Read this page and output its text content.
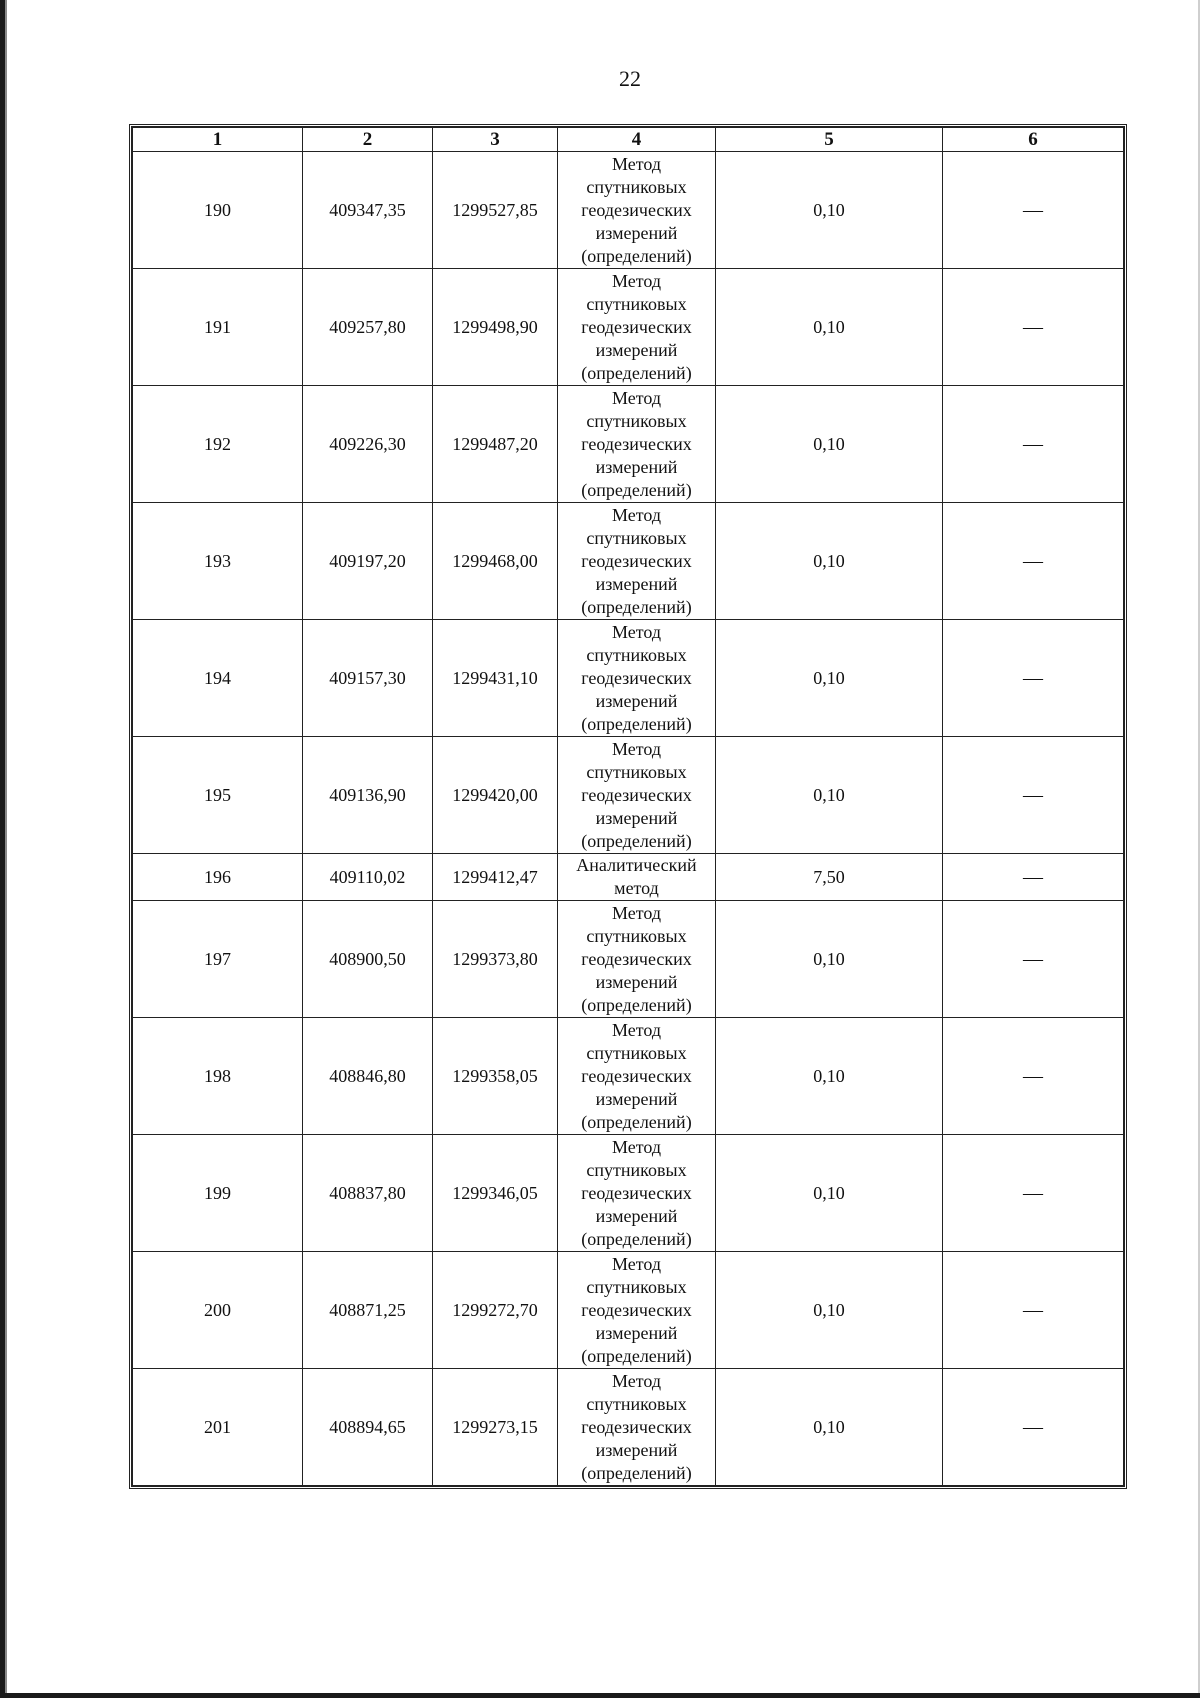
22
1	2	3	4	5	6
190	409347,35	1299527,85	Метод
спутниковых
геодезических
измерений
(определений)	0,10	—
191	409257,80	1299498,90	Метод
спутниковых
геодезических
измерений
(определений)	0,10	—
192	409226,30	1299487,20	Метод
спутниковых
геодезических
измерений
(определений)	0,10	—
193	409197,20	1299468,00	Метод
спутниковых
геодезических
измерений
(определений)	0,10	—
194	409157,30	1299431,10	Метод
спутниковых
геодезических
измерений
(определений)	0,10	—
195	409136,90	1299420,00	Метод
спутниковых
геодезических
измерений
(определений)	0,10	—
196	409110,02	1299412,47	Аналитический
метод	7,50	—
197	408900,50	1299373,80	Метод
спутниковых
геодезических
измерений
(определений)	0,10	—
198	408846,80	1299358,05	Метод
спутниковых
геодезических
измерений
(определений)	0,10	—
199	408837,80	1299346,05	Метод
спутниковых
геодезических
измерений
(определений)	0,10	—
200	408871,25	1299272,70	Метод
спутниковых
геодезических
измерений
(определений)	0,10	—
201	408894,65	1299273,15	Метод
спутниковых
геодезических
измерений
(определений)	0,10	—
